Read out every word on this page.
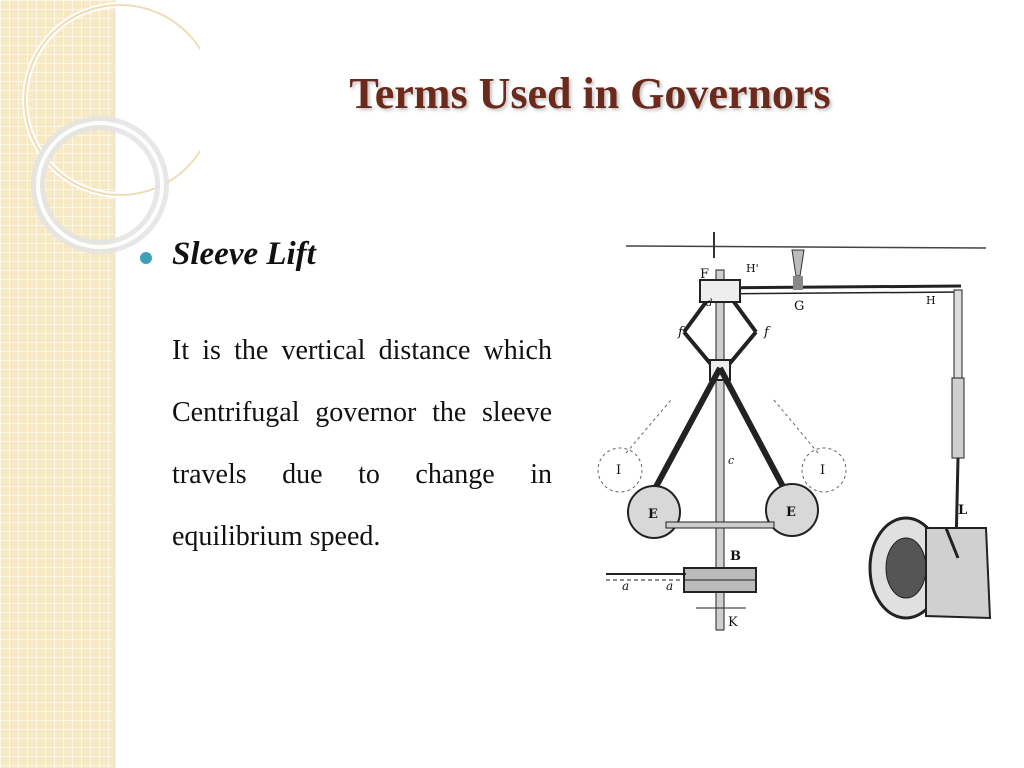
Terms Used in Governors
Sleeve Lift

It is the vertical distance which Centrifugal governor the sleeve travels due to change in equilibrium speed.

F	H'
G	H
f	f
d
c
E	E
I	I
B
K
L
a	a
